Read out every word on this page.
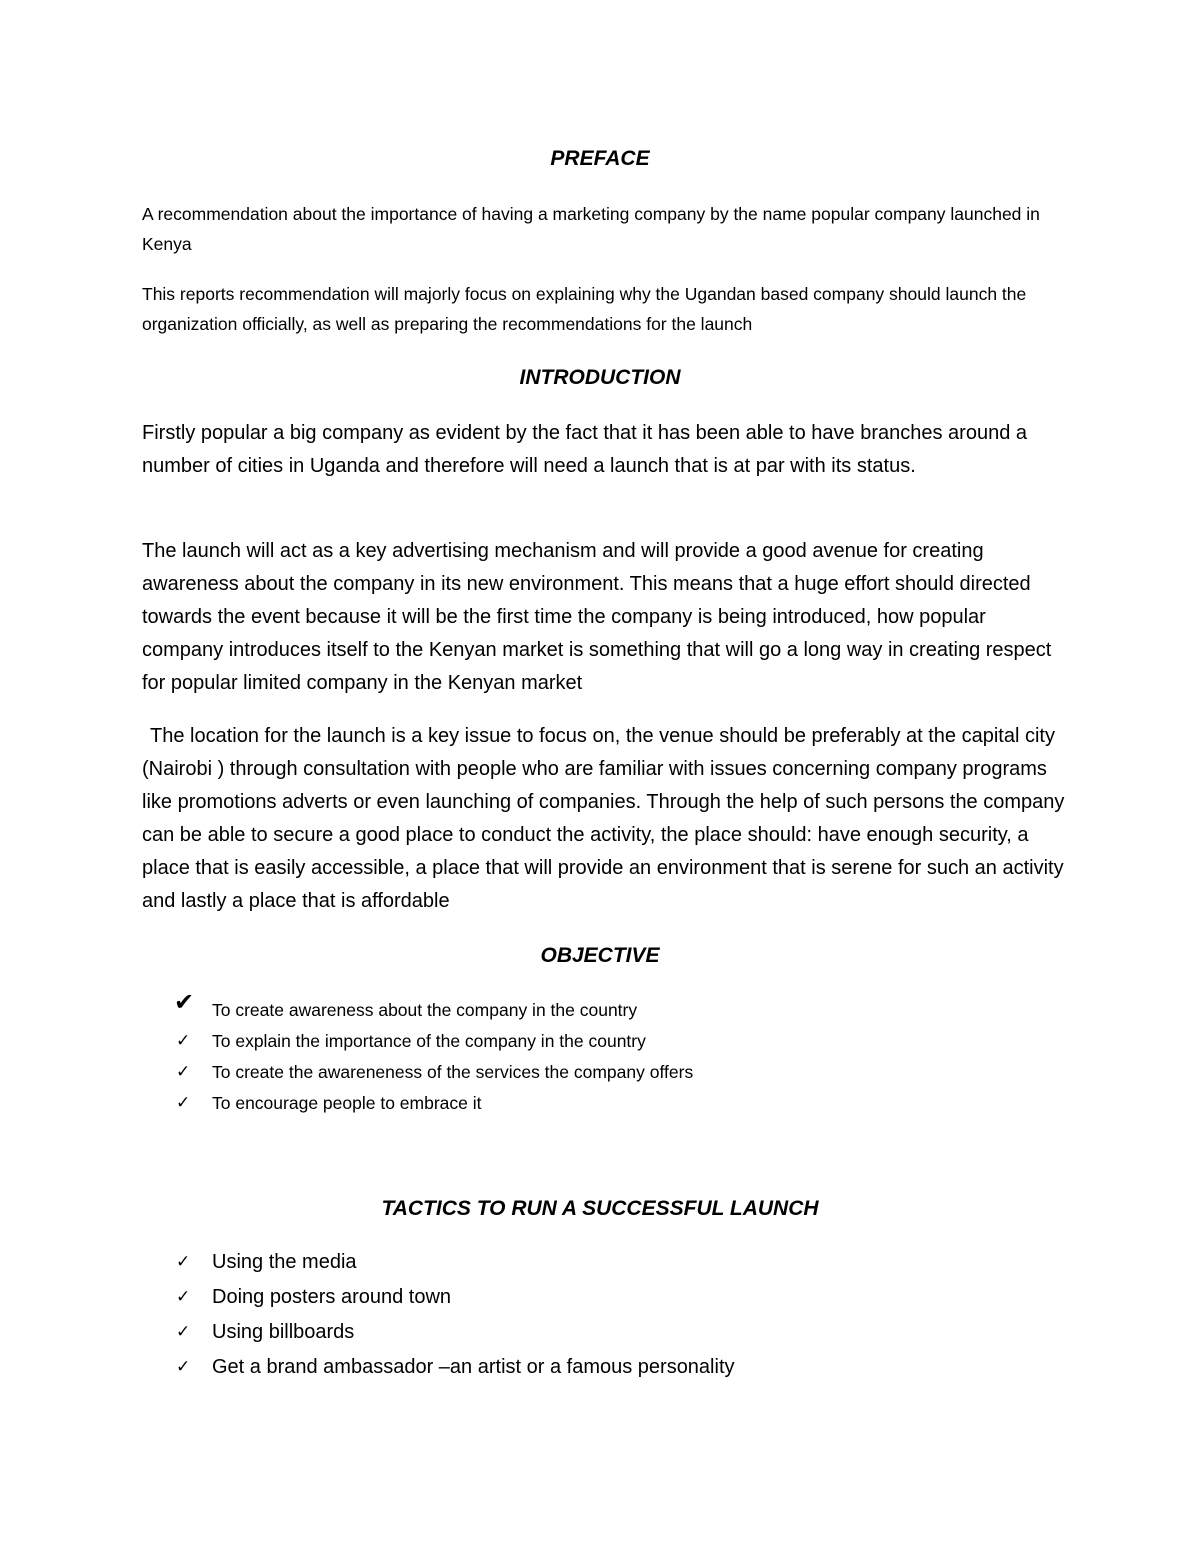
PREFACE

A recommendation about the importance of having a marketing company by the name popular company launched in Kenya

This reports recommendation will majorly focus on explaining why the Ugandan based company should launch the organization officially, as well as preparing the recommendations for the launch

INTRODUCTION

Firstly popular a big company as evident by the fact that it has been able to have branches around a number of cities in Uganda and therefore will need a launch that is at par with its status.

The launch will act as a key advertising mechanism and will provide a good avenue for creating awareness about the company in its new environment. This means that a huge effort should directed towards the event because it will be the first time the company is being introduced, how popular company introduces itself to the Kenyan market is something that will go a long way in creating respect for popular limited company in the Kenyan market

The location for the launch is a key issue to focus on, the venue should be preferably at the capital city (Nairobi ) through consultation with people who are familiar with issues concerning company programs like promotions adverts or even launching of companies. Through the help of such persons the company can be able to secure a good place to conduct the activity, the place should: have enough security, a place that is easily accessible, a place that will provide an environment that is serene for such an activity and lastly a place that is affordable

OBJECTIVE
✔ To create awareness about the company in the country
✓ To explain the importance of the company in the country
✓ To create the awareneness of the services the company offers
✓ To encourage people to embrace it
TACTICS TO RUN A SUCCESSFUL LAUNCH
✓ Using the media
✓ Doing posters around town
✓ Using billboards
✓ Get a brand ambassador –an artist or a famous personality
